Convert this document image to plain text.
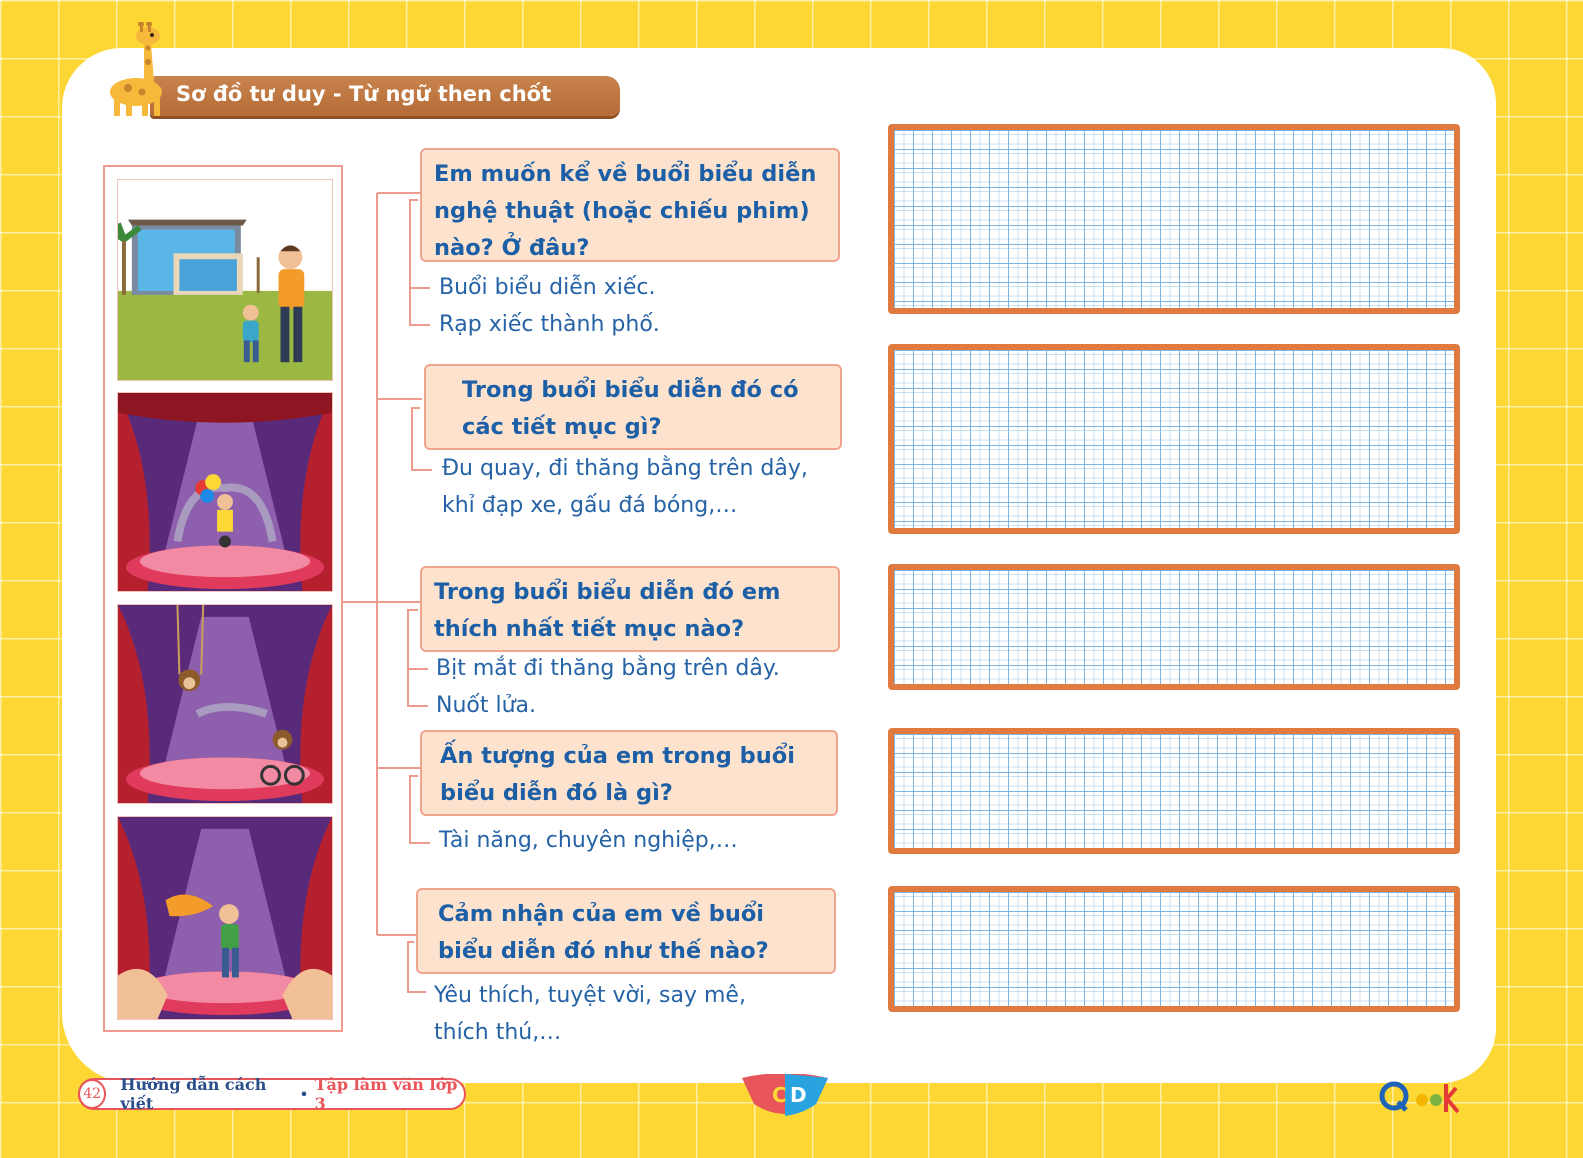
Sơ đồ tư duy - Từ ngữ then chốt
Em muốn kể về buổi biểu diễn
nghệ thuật (hoặc chiếu phim)
nào? Ở đâu?
Buổi biểu diễn xiếc.
Rạp xiếc thành phố.
Trong buổi biểu diễn đó có
các tiết mục gì?
Đu quay, đi thăng bằng trên dây,
khỉ đạp xe, gấu đá bóng,…
Trong buổi biểu diễn đó em
thích nhất tiết mục nào?
Bịt mắt đi thăng bằng trên dây.
Nuốt lửa.
Ấn tượng của em trong buổi
biểu diễn đó là gì?
Tài năng, chuyên nghiệp,…
Cảm nhận của em về buổi
biểu diễn đó như thế nào?
Yêu thích, tuyệt vời, say mê,
thích thú,…
42	Hướng dẫn cách viết	• Tập làm văn lớp 3	C D
